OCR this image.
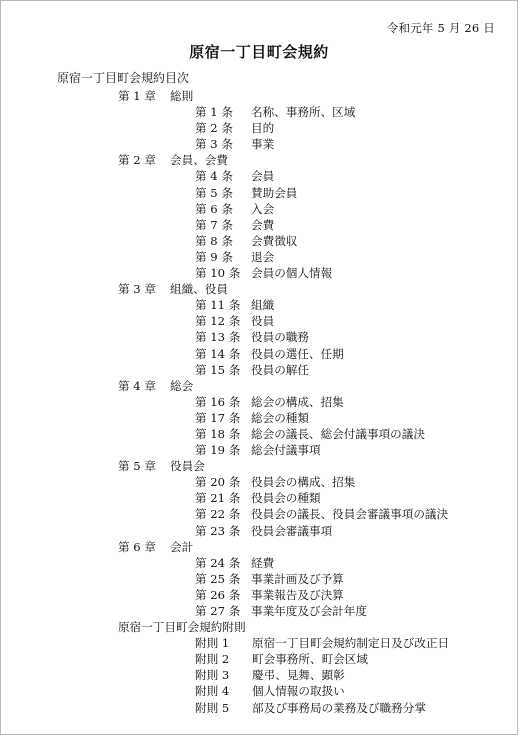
令和元年 5 月 26 日
原宿一丁目町会規約
原宿一丁目町会規約目次
第 1 章 総則
第 1 条 名称、事務所、区域
第 2 条 目的
第 3 条 事業
第 2 章 会員、会費
第 4 条 会員
第 5 条 賛助会員
第 6 条 入会
第 7 条 会費
第 8 条 会費徴収
第 9 条 退会
第 10 条 会員の個人情報
第 3 章 組織、役員
第 11 条 組織
第 12 条 役員
第 13 条 役員の職務
第 14 条 役員の選任、任期
第 15 条 役員の解任
第 4 章 総会
第 16 条 総会の構成、招集
第 17 条 総会の種類
第 18 条 総会の議長、総会付議事項の議決
第 19 条 総会付議事項
第 5 章 役員会
第 20 条 役員会の構成、招集
第 21 条 役員会の種類
第 22 条 役員会の議長、役員会審議事項の議決
第 23 条 役員会審議事項
第 6 章 会計
第 24 条 経費
第 25 条 事業計画及び予算
第 26 条 事業報告及び決算
第 27 条 事業年度及び会計年度
原宿一丁目町会規約附則
附則 1 原宿一丁目町会規約制定日及び改正日
附則 2 町会事務所、町会区域
附則 3 慶弔、見舞、顕彰
附則 4 個人情報の取扱い
附則 5 部及び事務局の業務及び職務分掌
